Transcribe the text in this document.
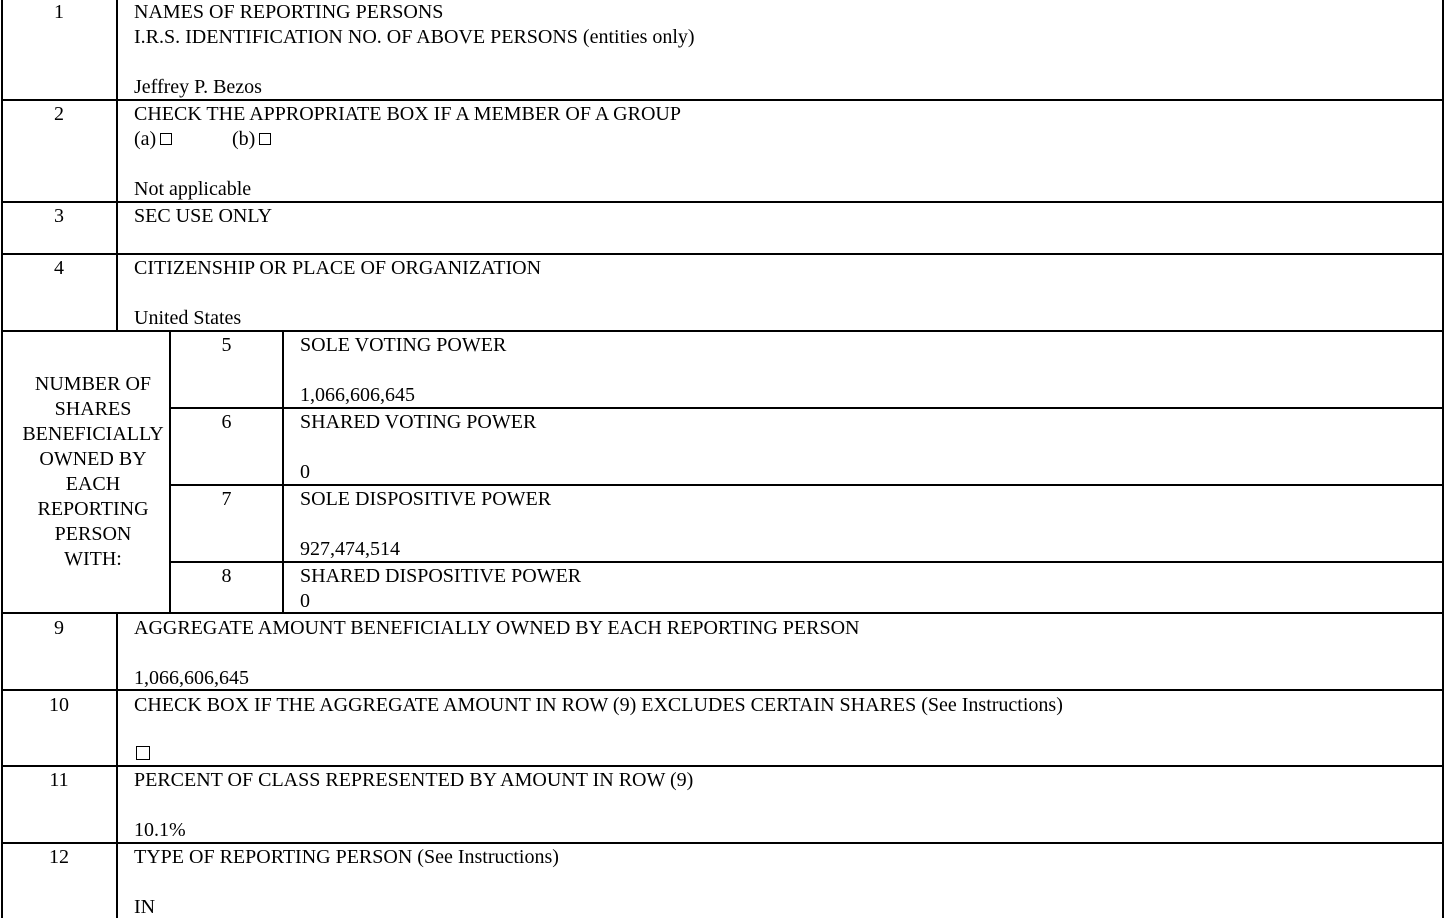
1	NAMES OF REPORTING PERSONS
I.R.S. IDENTIFICATION NO. OF ABOVE PERSONS (entities only)
Jeffrey P. Bezos
2	CHECK THE APPROPRIATE BOX IF A MEMBER OF A GROUP
(a)	(b)
Not applicable
3	SEC USE ONLY
4	CITIZENSHIP OR PLACE OF ORGANIZATION
United States
NUMBER OF
SHARES
BENEFICIALLY
OWNED BY
EACH
REPORTING
PERSON
WITH:
5	SOLE VOTING POWER
1,066,606,645
6	SHARED VOTING POWER
0
7	SOLE DISPOSITIVE POWER
927,474,514
8	SHARED DISPOSITIVE POWER
0
9	AGGREGATE AMOUNT BENEFICIALLY OWNED BY EACH REPORTING PERSON
1,066,606,645
10	CHECK BOX IF THE AGGREGATE AMOUNT IN ROW (9) EXCLUDES CERTAIN SHARES (See Instructions)
11	PERCENT OF CLASS REPRESENTED BY AMOUNT IN ROW (9)
10.1%
12	TYPE OF REPORTING PERSON (See Instructions)
IN
